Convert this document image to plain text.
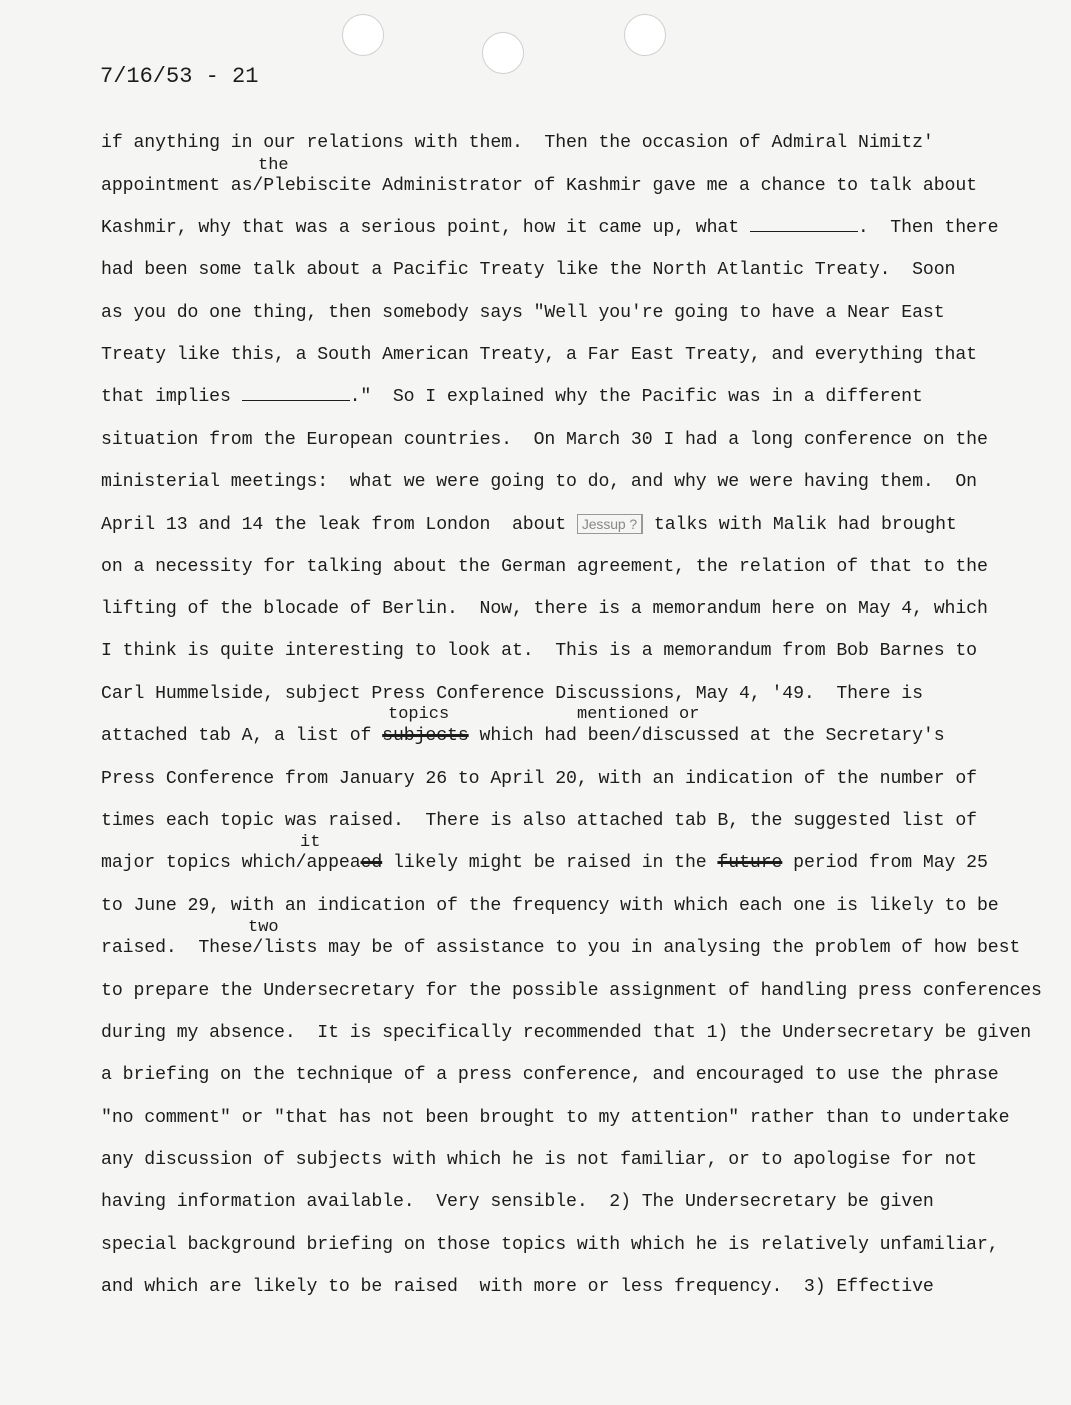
7/16/53 - 21
if anything in our relations with them.  Then the occasion of Admiral Nimitz'
the
appointment as/Plebiscite Administrator of Kashmir gave me a chance to talk about
Kashmir, why that was a serious point, how it came up, what	.  Then there
had been some talk about a Pacific Treaty like the North Atlantic Treaty.  Soon
as you do one thing, then somebody says "Well you're going to have a Near East
Treaty like this, a South American Treaty, a Far East Treaty, and everything that
that implies	."  So I explained why the Pacific was in a different
situation from the European countries.  On March 30 I had a long conference on the
ministerial meetings:  what we were going to do, and why we were having them.  On
April 13 and 14 the leak from London  about Jessup ? talks with Malik had brought
on a necessity for talking about the German agreement, the relation of that to the
lifting of the blocade of Berlin.  Now, there is a memorandum here on May 4, which
I think is quite interesting to look at.  This is a memorandum from Bob Barnes to
Carl Hummelside, subject Press Conference Discussions, May 4, '49.  There is
topics	mentioned or
attached tab A, a list of subjects which had been/discussed at the Secretary's
Press Conference from January 26 to April 20, with an indication of the number of
times each topic was raised.  There is also attached tab B, the suggested list of
it
major topics which/appeaed likely might be raised in the future period from May 25
to June 29, with an indication of the frequency with which each one is likely to be
two
raised.  These/lists may be of assistance to you in analysing the problem of how best
to prepare the Undersecretary for the possible assignment of handling press conferences
during my absence.  It is specifically recommended that 1) the Undersecretary be given
a briefing on the technique of a press conference, and encouraged to use the phrase
"no comment" or "that has not been brought to my attention" rather than to undertake
any discussion of subjects with which he is not familiar, or to apologise for not
having information available.  Very sensible.  2) The Undersecretary be given
special background briefing on those topics with which he is relatively unfamiliar,
and which are likely to be raised  with more or less frequency.  3) Effective
